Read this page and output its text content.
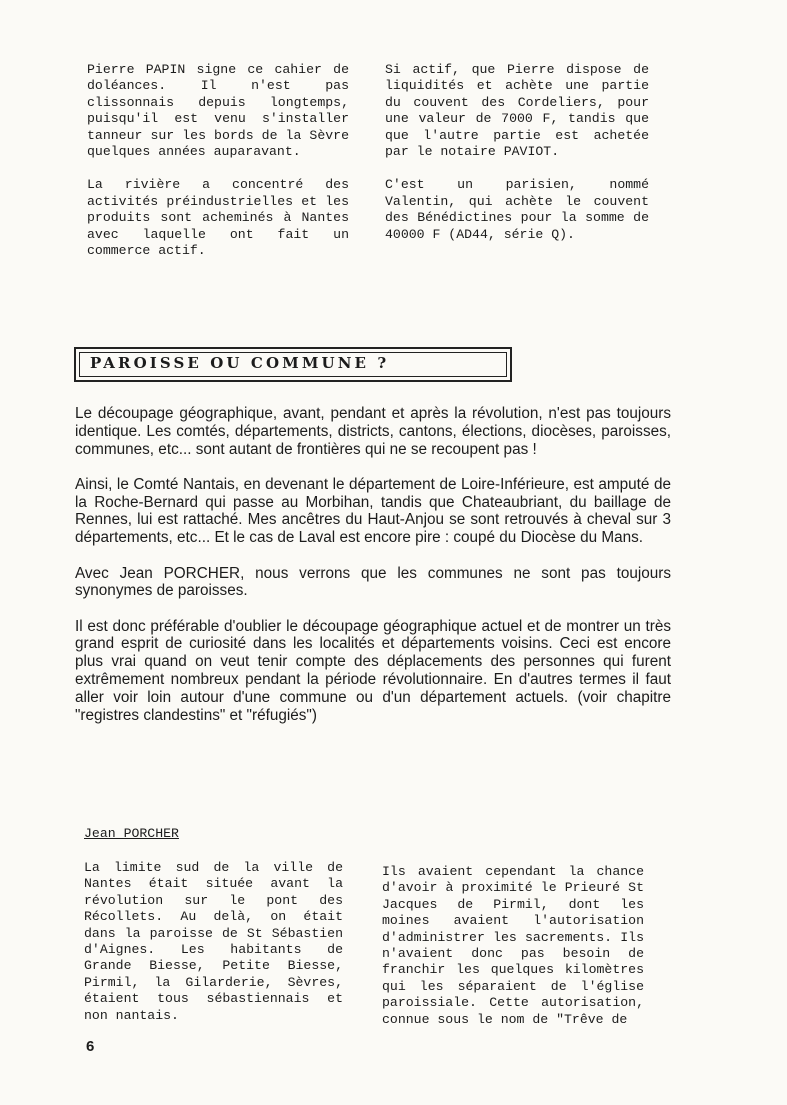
Pierre PAPIN signe ce cahier de doléances. Il n'est pas clissonnais depuis longtemps, puisqu'il est venu s'installer tanneur sur les bords de la Sèvre quelques années auparavant.

La rivière a concentré des activités préindustrielles et les produits sont acheminés à Nantes avec laquelle ont fait un commerce actif.

Si actif, que Pierre dispose de liquidités et achète une partie du couvent des Cordeliers, pour une valeur de 7000 F, tandis que que l'autre partie est achetée par le notaire PAVIOT.

C'est un parisien, nommé Valentin, qui achète le couvent des Bénédictines pour la somme de 40000 F (AD44, série Q).

PAROISSE OU COMMUNE ?

Le découpage géographique, avant, pendant et après la révolution, n'est pas toujours identique. Les comtés, départements, districts, cantons, élections, diocèses, paroisses, communes, etc... sont autant de frontières qui ne se recoupent pas !

Ainsi, le Comté Nantais, en devenant le département de Loire-Inférieure, est amputé de la Roche-Bernard qui passe au Morbihan, tandis que Chateaubriant, du baillage de Rennes, lui est rattaché. Mes ancêtres du Haut-Anjou se sont retrouvés à cheval sur 3 départements, etc... Et le cas de Laval est encore pire : coupé du Diocèse du Mans.

Avec Jean PORCHER, nous verrons que les communes ne sont pas toujours synonymes de paroisses.

Il est donc préférable d'oublier le découpage géographique actuel et de montrer un très grand esprit de curiosité dans les localités et départements voisins. Ceci est encore plus vrai quand on veut tenir compte des déplacements des personnes qui furent extrêmement nombreux pendant la période révolutionnaire. En d'autres termes il faut aller voir loin autour d'une commune ou d'un département actuels. (voir chapitre "registres clandestins" et "réfugiés")

Jean PORCHER

La limite sud de la ville de Nantes était située avant la révolution sur le pont des Récollets. Au delà, on était dans la paroisse de St Sébastien d'Aignes. Les habitants de Grande Biesse, Petite Biesse, Pirmil, la Gilarderie, Sèvres, étaient tous sébastiennais et non nantais.

Ils avaient cependant la chance d'avoir à proximité le Prieuré St Jacques de Pirmil, dont les moines avaient l'autorisation d'administrer les sacrements. Ils n'avaient donc pas besoin de franchir les quelques kilomètres qui les séparaient de l'église paroissiale. Cette autorisation, connue sous le nom de "Trêve de

6
